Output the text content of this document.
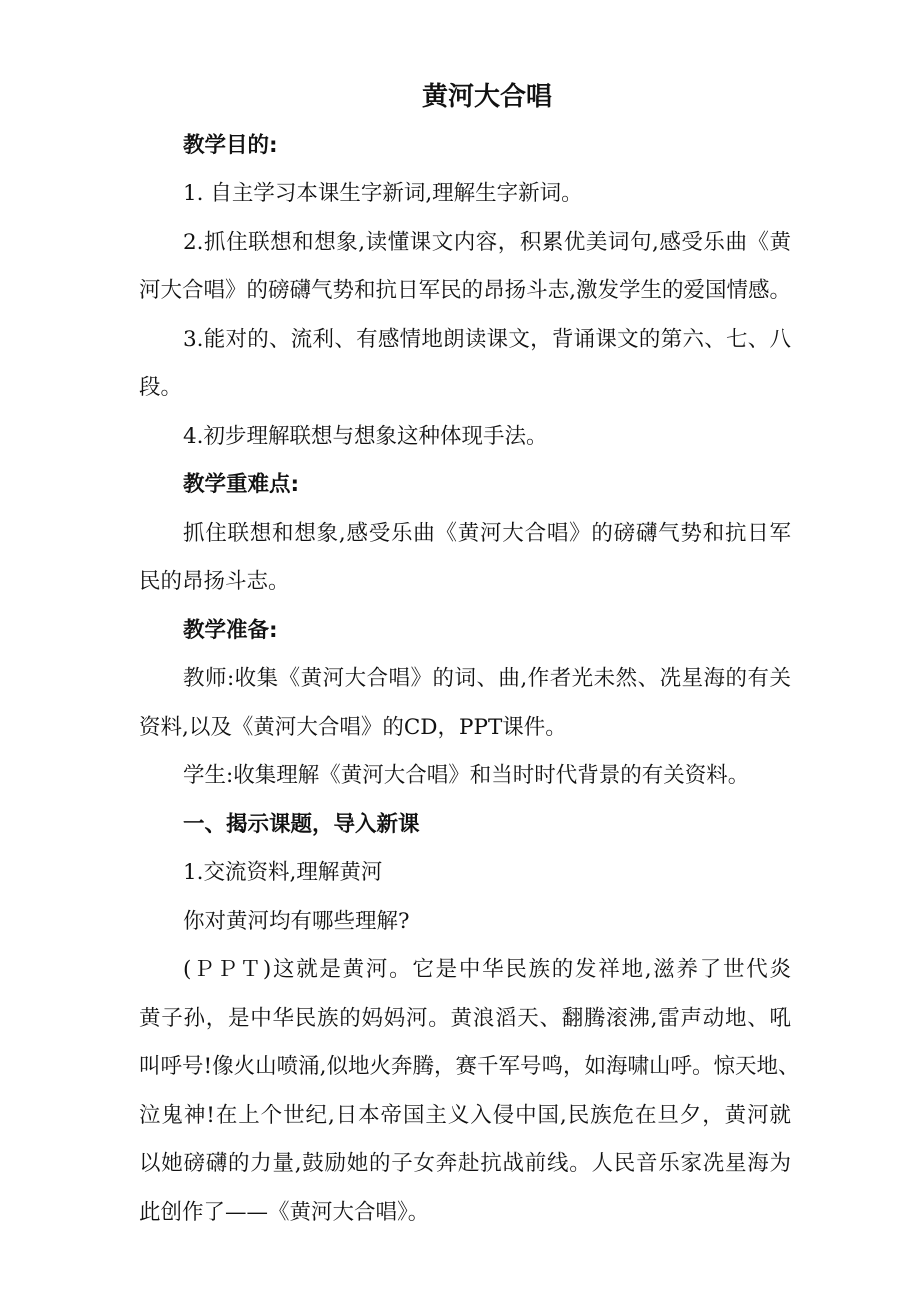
黄河大合唱
教学目的:
1. 自主学习本课生字新词,理解生字新词。
2.抓住联想和想象,读懂课文内容，积累优美词句,感受乐曲《黄
河大合唱》的磅礴气势和抗日军民的昂扬斗志,激发学生的爱国情感。
3.能对的、流利、有感情地朗读课文，背诵课文的第六、七、八
段。
4.初步理解联想与想象这种体现手法。
教学重难点:
抓住联想和想象,感受乐曲《黄河大合唱》的磅礴气势和抗日军
民的昂扬斗志。
教学准备:
教师:收集《黄河大合唱》的词、曲,作者光未然、冼星海的有关
资料,以及《黄河大合唱》的CD，PPT课件。
学生:收集理解《黄河大合唱》和当时时代背景的有关资料。
一、揭示课题，导入新课
1.交流资料,理解黄河
你对黄河均有哪些理解?
(ＰＰＴ)这就是黄河。它是中华民族的发祥地,滋养了世代炎
黄子孙，是中华民族的妈妈河。黄浪滔天、翻腾滚沸,雷声动地、吼
叫呼号!像火山喷涌,似地火奔腾，赛千军号鸣，如海啸山呼。惊天地、
泣鬼神!在上个世纪,日本帝国主义入侵中国,民族危在旦夕，黄河就
以她磅礴的力量,鼓励她的子女奔赴抗战前线。人民音乐家冼星海为
此创作了——《黄河大合唱》。
